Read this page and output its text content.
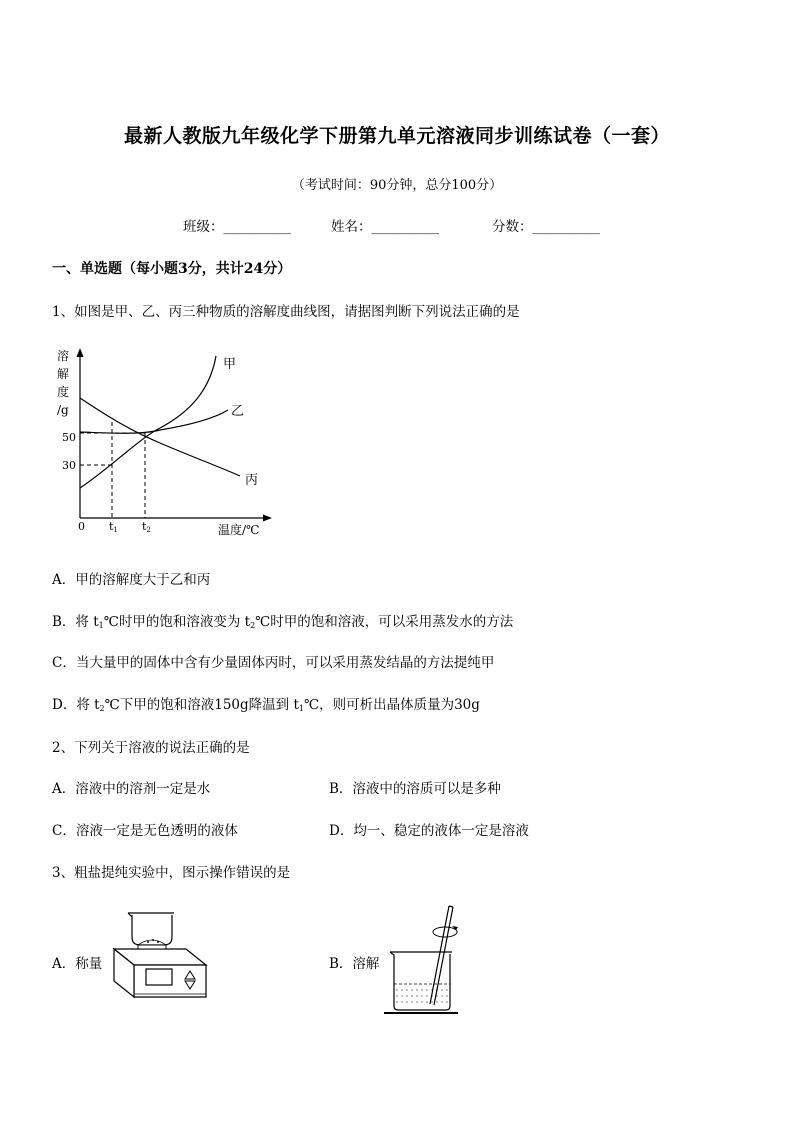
最新人教版九年级化学下册第九单元溶液同步训练试卷（一套）
（考试时间：90分钟，总分100分）
班级：__________	姓名：__________	分数：__________
一、单选题（每小题3分，共计24分）
1、如图是甲、乙、丙三种物质的溶解度曲线图，请据图判断下列说法正确的是
溶
解
度
/g
50
30
0 t1 t2	温度/℃
甲
乙
丙
A．甲的溶解度大于乙和丙
B．将 $t_1℃$时甲的饱和溶液变为 $t_2℃$时甲的饱和溶液，可以采用蒸发水的方法
C．当大量甲的固体中含有少量固体丙时，可以采用蒸发结晶的方法提纯甲
D．将 $t_2℃$下甲的饱和溶液150g降温到 $t_1℃$，则可析出晶体质量为30g
2、下列关于溶液的说法正确的是
A．溶液中的溶剂一定是水	B．溶液中的溶质可以是多种
C．溶液一定是无色透明的液体	D．均一、稳定的液体一定是溶液
3、粗盐提纯实验中，图示操作错误的是
A．称量	B．溶解
